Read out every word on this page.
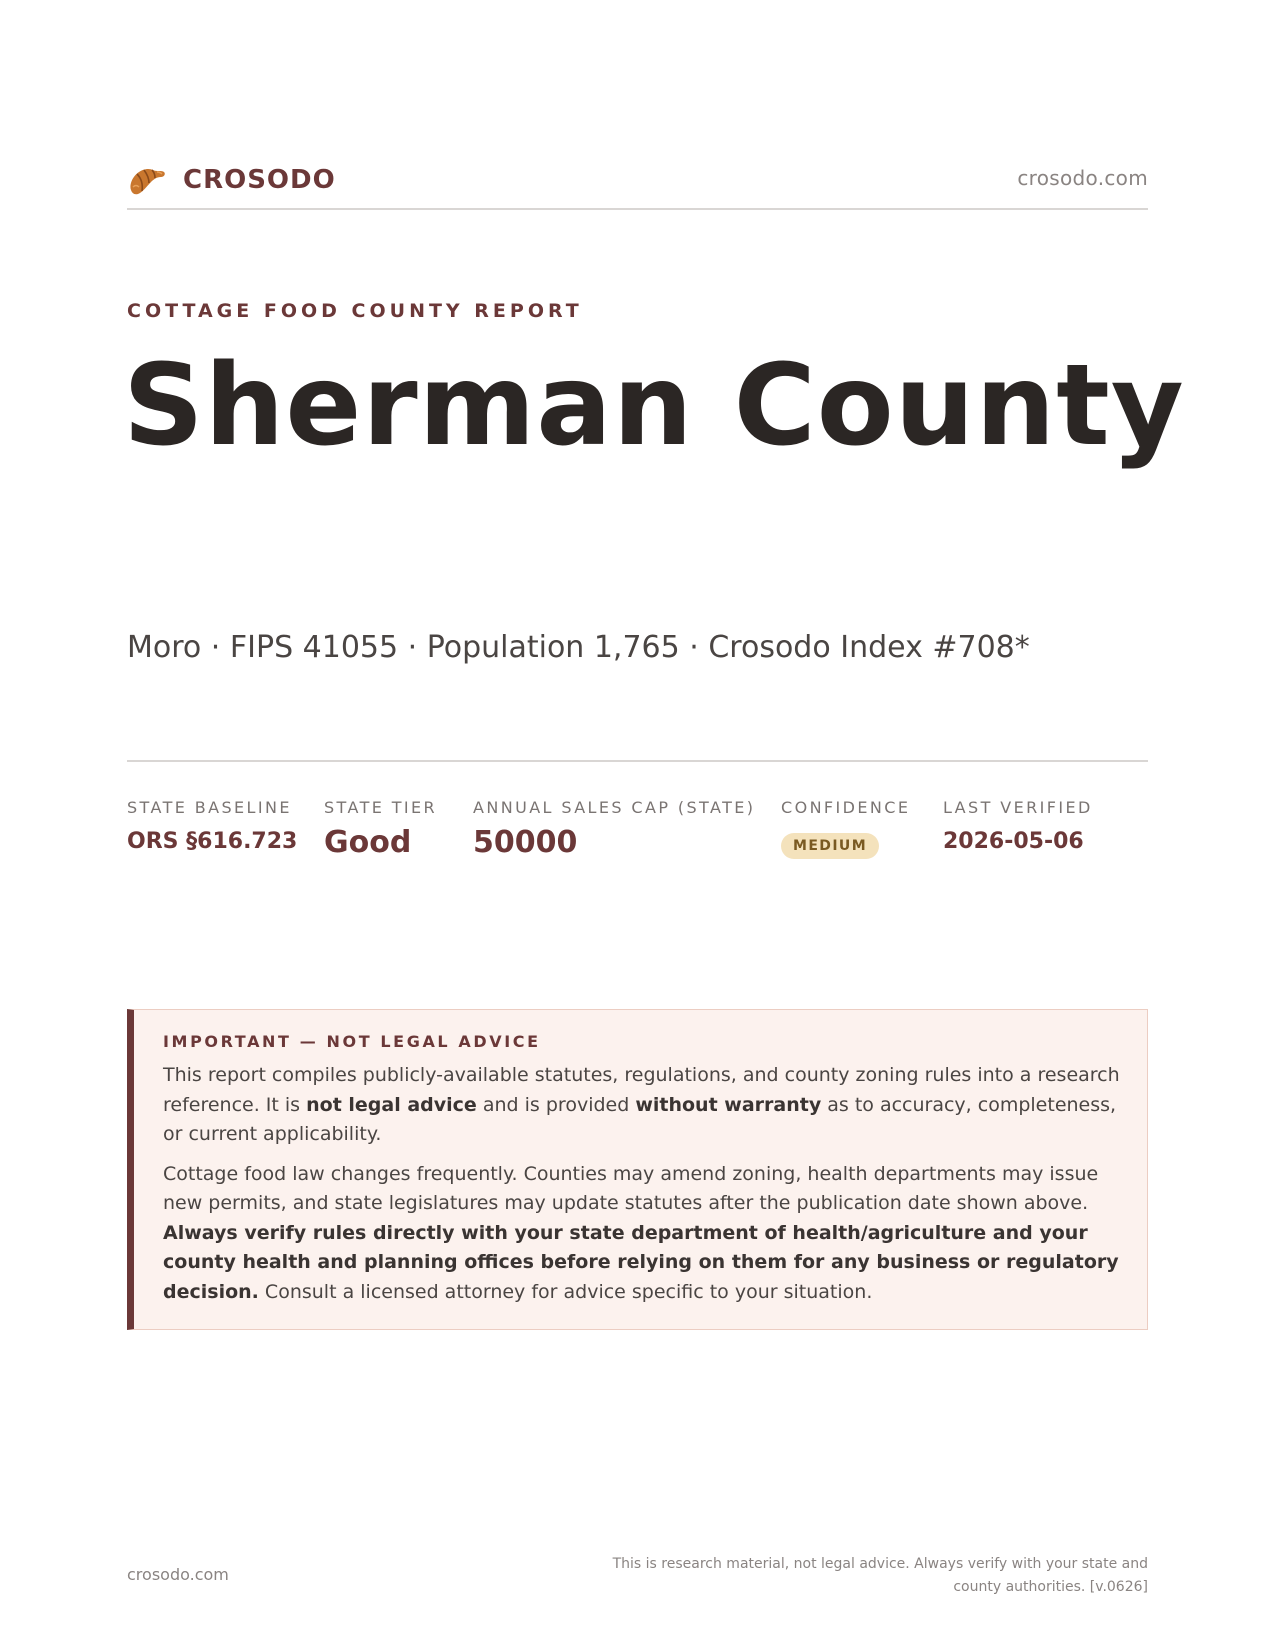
CROSODO	crosodo.com
COTTAGE FOOD COUNTY REPORT
Sherman County
Moro · FIPS 41055 · Population 1,765 · Crosodo Index #708*
STATE BASELINE
ORS §616.723
STATE TIER
Good
ANNUAL SALES CAP (STATE)
50000
CONFIDENCE
MEDIUM
LAST VERIFIED
2026-05-06
IMPORTANT — NOT LEGAL ADVICE

This report compiles publicly-available statutes, regulations, and county zoning rules into a research reference. It is not legal advice and is provided without warranty as to accuracy, completeness, or current applicability.

Cottage food law changes frequently. Counties may amend zoning, health departments may issue new permits, and state legislatures may update statutes after the publication date shown above. Always verify rules directly with your state department of health/agriculture and your county health and planning offices before relying on them for any business or regulatory decision. Consult a licensed attorney for advice specific to your situation.

crosodo.com
This is research material, not legal advice. Always verify with your state and county authorities. [v.0626]
